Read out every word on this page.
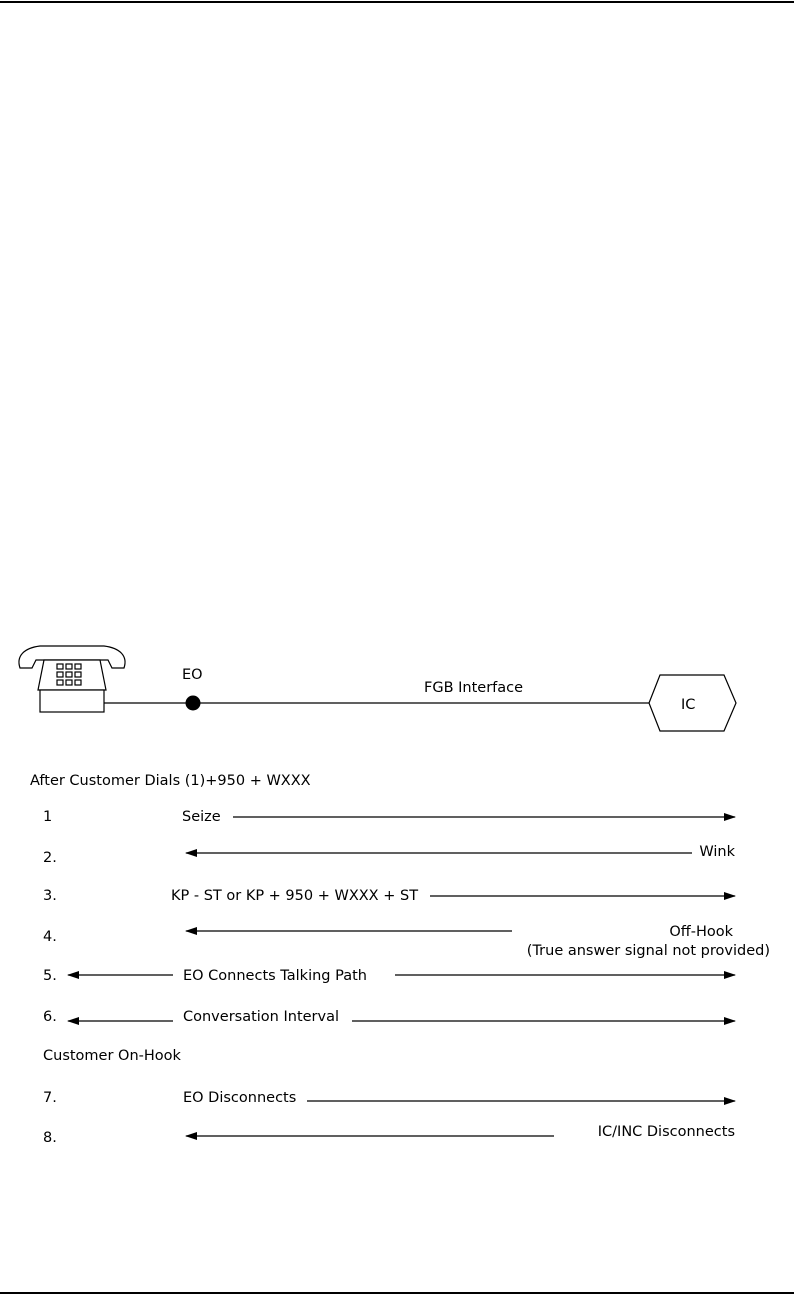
EO
FGB Interface
IC
After Customer Dials (1)+950 + WXXX
1	Seize
2.	Wink
3.	KP - ST or KP + 950 + WXXX + ST
4.	Off-Hook
(True answer signal not provided)
5.	EO Connects Talking Path
6.	Conversation Interval
Customer On-Hook
7.	EO Disconnects
8.	IC/INC Disconnects
